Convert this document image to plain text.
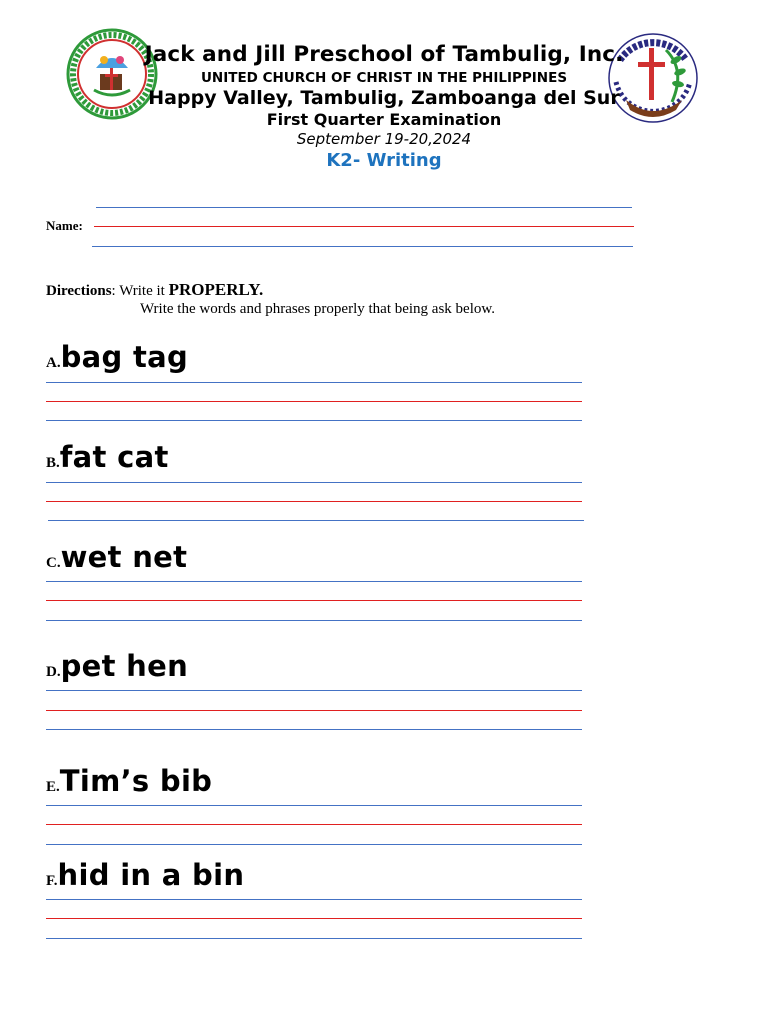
Jack and Jill Preschool of Tambulig, Inc.
UNITED CHURCH OF CHRIST IN THE PHILIPPINES
Happy Valley, Tambulig, Zamboanga del Sur
First Quarter Examination
September 19-20,2024
K2- Writing
Name:
Directions: Write it PROPERLY.
Write the words and phrases properly that being ask below.
A.bag tag
B.fat cat
C.wet net
D.pet hen
E.Tim’s bib
F.hid in a bin
